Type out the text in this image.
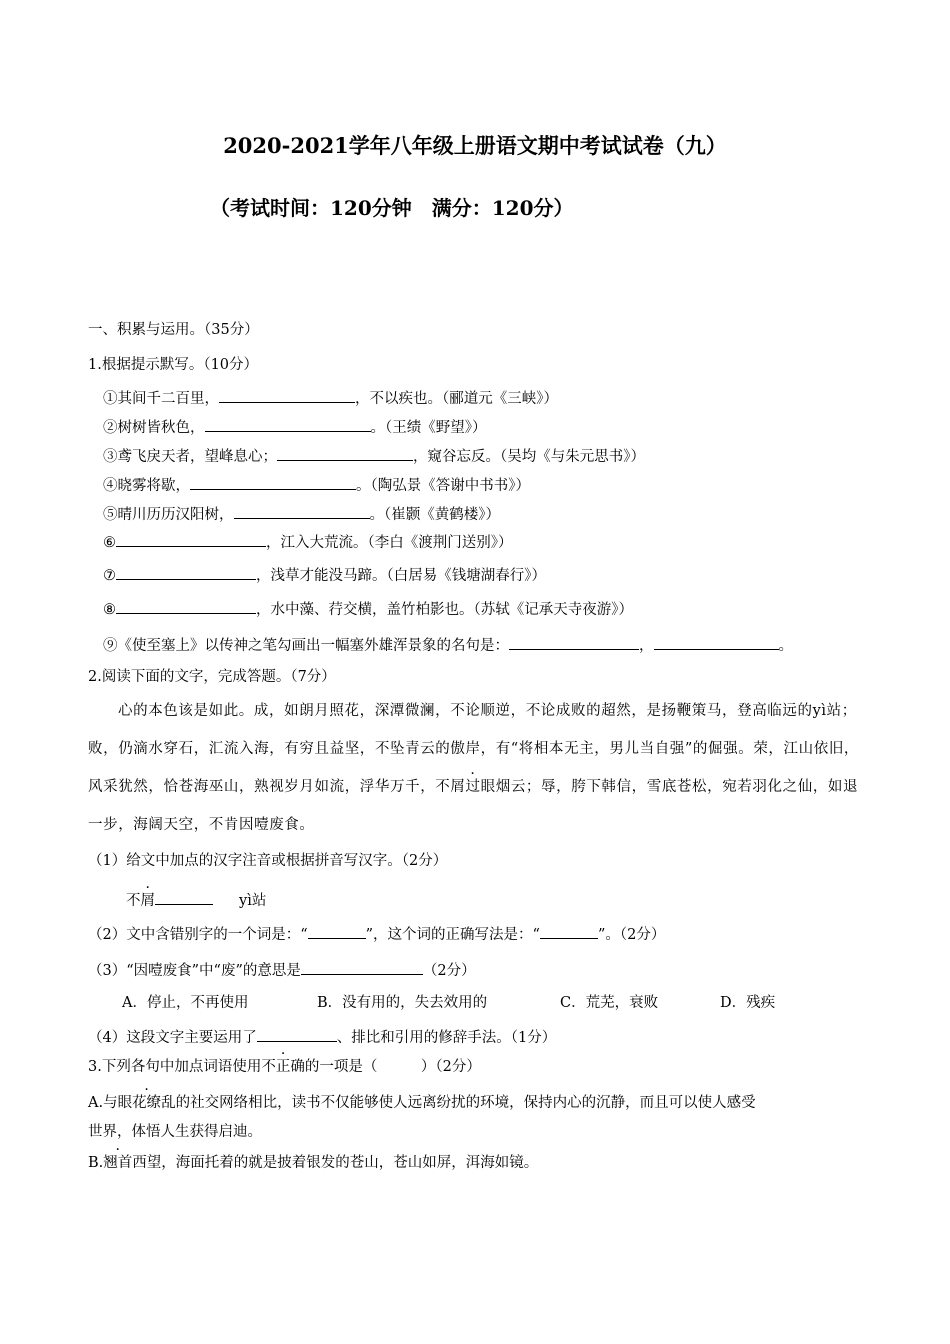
2020-2021学年八年级上册语文期中考试试卷（九）
（考试时间：120分钟　满分：120分）
一、积累与运用。（35分）
1.根据提示默写。（10分）
①其间千二百里，	，不以疾也。（郦道元《三峡》）
②树树皆秋色，	。（王绩《野望》）
③鸢飞戾天者，望峰息心；	，窥谷忘反。（吴均《与朱元思书》）
④晓雾将歇，	。（陶弘景《答谢中书书》）
⑤晴川历历汉阳树，	。（崔颢《黄鹤楼》）
⑥	，江入大荒流。（李白《渡荆门送别》）
⑦	，浅草才能没马蹄。（白居易《钱塘湖春行》）
⑧	，水中藻、荇交横，盖竹柏影也。（苏轼《记承天寺夜游》）
⑨《使至塞上》以传神之笔勾画出一幅塞外雄浑景象的名句是：	，	。
2.阅读下面的文字，完成答题。（7分）
心的本色该是如此。成，如朗月照花，深潭微澜，不论顺逆，不论成败的超然，是扬鞭策马，登高临远的yì站；败，仍滴水穿石，汇流入海，有穷且益坚，不坠青云的傲岸，有“将相本无主，男儿当自强”的倔强。荣，江山依旧，风采犹然，恰苍海巫山，熟视岁月如流，浮华万千，不屑过眼烟云；辱，胯下韩信，雪底苍松，宛若羽化之仙，如退一步，海阔天空，不肯因噎废食。
（1）给文中加点的汉字注音或根据拼音写汉字。（2分）
不屑	yì站
（2）文中含错别字的一个词是：“	”，这个词的正确写法是：“	”。（2分）
（3）“因噎废食”中“废”的意思是	（2分）
A．停止，不再使用	B．没有用的，失去效用的	C．荒芜，衰败	D．残疾
（4）这段文字主要运用了	、排比和引用的修辞手法。（1分）
3.下列各句中加点词语使用不正确的一项是（　　　）（2分）
A.与眼花缭乱的社交网络相比，读书不仅能够使人远离纷扰的环境，保持内心的沉静，而且可以使人感受
世界，体悟人生获得启迪。
B.翘首西望，海面托着的就是披着银发的苍山，苍山如屏，洱海如镜。
